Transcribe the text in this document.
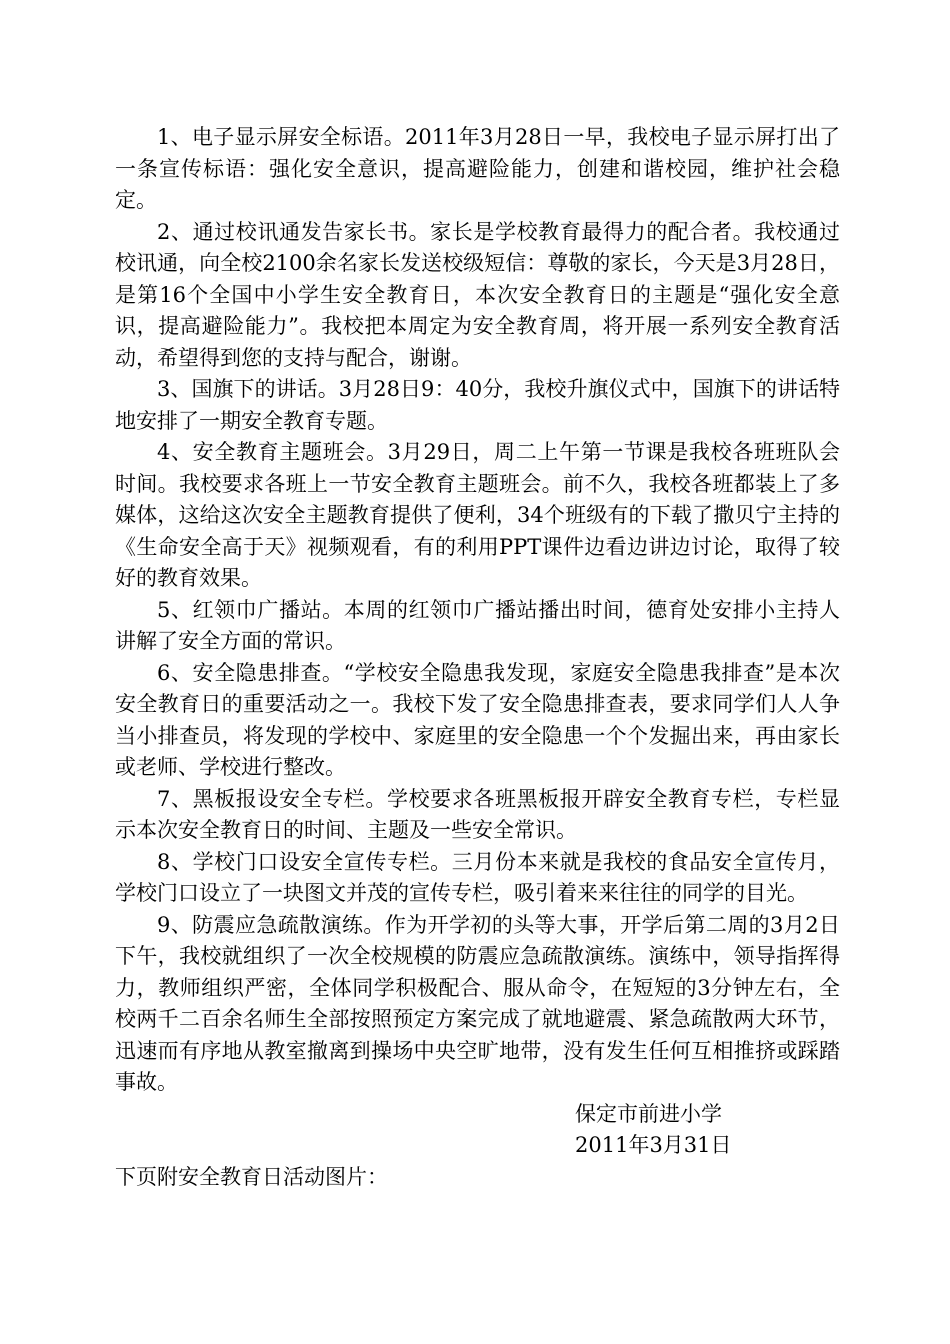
1、电子显示屏安全标语。2011年3月28日一早，我校电子显示屏打出了一条宣传标语：强化安全意识，提高避险能力，创建和谐校园，维护社会稳定。

2、通过校讯通发告家长书。家长是学校教育最得力的配合者。我校通过校讯通，向全校2100余名家长发送校级短信：尊敬的家长，今天是3月28日，是第16个全国中小学生安全教育日，本次安全教育日的主题是“强化安全意识，提高避险能力”。我校把本周定为安全教育周，将开展一系列安全教育活动，希望得到您的支持与配合，谢谢。

3、国旗下的讲话。3月28日9：40分，我校升旗仪式中，国旗下的讲话特地安排了一期安全教育专题。

4、安全教育主题班会。3月29日，周二上午第一节课是我校各班班队会时间。我校要求各班上一节安全教育主题班会。前不久，我校各班都装上了多媒体，这给这次安全主题教育提供了便利，34个班级有的下载了撒贝宁主持的《生命安全高于天》视频观看，有的利用PPT课件边看边讲边讨论，取得了较好的教育效果。

5、红领巾广播站。本周的红领巾广播站播出时间，德育处安排小主持人讲解了安全方面的常识。

6、安全隐患排查。“学校安全隐患我发现，家庭安全隐患我排查”是本次安全教育日的重要活动之一。我校下发了安全隐患排查表，要求同学们人人争当小排查员，将发现的学校中、家庭里的安全隐患一个个发掘出来，再由家长或老师、学校进行整改。

7、黑板报设安全专栏。学校要求各班黑板报开辟安全教育专栏，专栏显示本次安全教育日的时间、主题及一些安全常识。

8、学校门口设安全宣传专栏。三月份本来就是我校的食品安全宣传月，学校门口设立了一块图文并茂的宣传专栏，吸引着来来往往的同学的目光。

9、防震应急疏散演练。作为开学初的头等大事，开学后第二周的3月2日下午，我校就组织了一次全校规模的防震应急疏散演练。演练中，领导指挥得力，教师组织严密，全体同学积极配合、服从命令，在短短的3分钟左右，全校两千二百余名师生全部按照预定方案完成了就地避震、紧急疏散两大环节，迅速而有序地从教室撤离到操场中央空旷地带，没有发生任何互相推挤或踩踏事故。

保定市前进小学

2011年3月31日

下页附安全教育日活动图片：
